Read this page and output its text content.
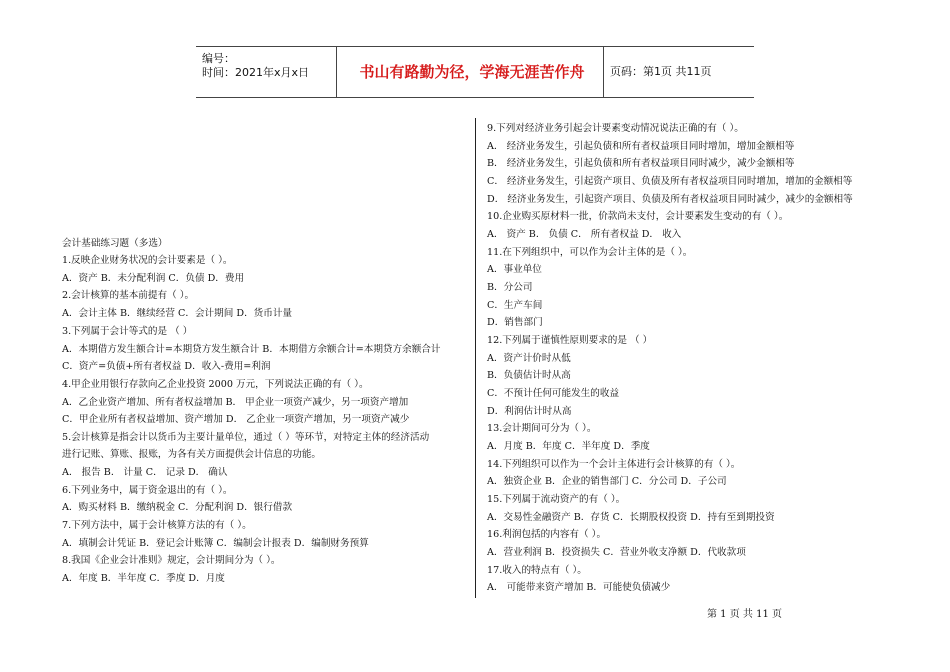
编号：
时间：2021年x月x日	书山有路勤为径，学海无涯苦作舟	页码：第1页 共11页
会计基础练习题（多选）
1.反映企业财务状况的会计要素是（ ）。
A．资产 B．未分配利润 C．负债 D．费用
2.会计核算的基本前提有（ ）。
A．会计主体 B．继续经营 C．会计期间 D．货币计量
3.下列属于会计等式的是 （ ）
A．本期借方发生额合计=本期贷方发生额合计 B．本期借方余额合计=本期贷方余额合计
C．资产=负债+所有者权益 D．收入-费用=利润
4.甲企业用银行存款向乙企业投资 2000 万元，下列说法正确的有（ ）。
A．乙企业资产增加、所有者权益增加 B． 甲企业一项资产减少，另一项资产增加
C．甲企业所有者权益增加、资产增加 D． 乙企业一项资产增加，另一项资产减少
5.会计核算是指会计以货币为主要计量单位，通过（ ）等环节，对特定主体的经济活动
进行记账、算账、报账，为各有关方面提供会计信息的功能。
A． 报告 B． 计量 C． 记录 D． 确认
6.下列业务中，属于资金退出的有（ ）。
A．购买材料 B．缴纳税金 C．分配利润 D．银行借款
7.下列方法中，属于会计核算方法的有（ ）。
A．填制会计凭证 B．登记会计账簿 C．编制会计报表 D．编制财务预算
8.我国《企业会计准则》规定，会计期间分为（ ）。
A．年度 B．半年度 C．季度 D．月度
9.下列对经济业务引起会计要素变动情况说法正确的有（ ）。
A． 经济业务发生，引起负债和所有者权益项目同时增加，增加金额相等
B． 经济业务发生，引起负债和所有者权益项目同时减少，减少金额相等
C． 经济业务发生，引起资产项目、负债及所有者权益项目同时增加，增加的金额相等
D． 经济业务发生，引起资产项目、负债及所有者权益项目同时减少，减少的金额相等
10.企业购买原材料一批，价款尚未支付，会计要素发生变动的有（ ）。
A． 资产 B． 负债 C． 所有者权益 D． 收入
11.在下列组织中，可以作为会计主体的是（ ）。
A．事业单位
B．分公司
C．生产车间
D．销售部门
12.下列属于谨慎性原则要求的是 （ ）
A．资产计价时从低
B．负债估计时从高
C．不预计任何可能发生的收益
D．利润估计时从高
13.会计期间可分为（ ）。
A．月度 B．年度 C．半年度 D．季度
14.下列组织可以作为一个会计主体进行会计核算的有（ ）。
A．独资企业 B．企业的销售部门 C．分公司 D．子公司
15.下列属于流动资产的有（ ）。
A．交易性金融资产 B．存货 C．长期股权投资 D．持有至到期投资
16.利润包括的内容有（ ）。
A．营业利润 B．投资损失 C．营业外收支净额 D．代收款项
17.收入的特点有（ ）。
A． 可能带来资产增加 B．可能使负债减少
第 1 页 共 11 页
